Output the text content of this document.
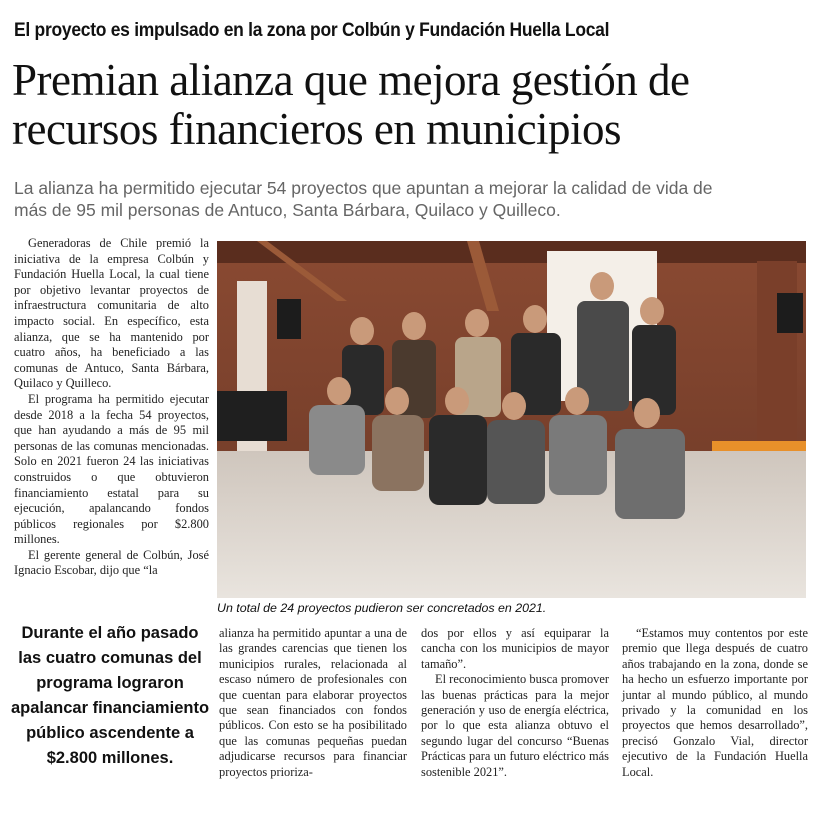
El proyecto es impulsado en la zona por Colbún y Fundación Huella Local
Premian alianza que mejora gestión de
recursos financieros en municipios
La alianza ha permitido ejecutar 54 proyectos que apuntan a mejorar la calidad de vida de
más de 95 mil personas de Antuco, Santa Bárbara, Quilaco y Quilleco.

Generadoras de Chile premió la iniciativa de la empresa Colbún y Fundación Huella Local, la cual tiene por objetivo levantar proyectos de infraestructura comunitaria de alto impacto social. En específico, esta alianza, que se ha mantenido por cuatro años, ha beneficiado a las comunas de Antuco, Santa Bárbara, Quilaco y Quilleco.

El programa ha permitido ejecutar desde 2018 a la fecha 54 proyectos, que han ayudando a más de 95 mil personas de las comunas mencionadas. Solo en 2021 fueron 24 las iniciativas construidos o que obtuvieron financiamiento estatal para su ejecución, apalancando fondos públicos regionales por $2.800 millones.

El gerente general de Colbún, José Ignacio Escobar, dijo que “la

Un total de 24 proyectos pudieron ser concretados en 2021.
Durante el año pasado las cuatro comunas del programa lograron apalancar financiamiento público ascendente a $2.800 millones.

alianza ha permitido apuntar a una de las grandes carencias que tienen los municipios rurales, relacionada al escaso número de profesionales con que cuentan para elaborar proyectos que sean financiados con fondos públicos. Con esto se ha posibilitado que las comunas pequeñas puedan adjudicarse recursos para financiar proyectos prioriza-

dos por ellos y así equiparar la cancha con los municipios de mayor tamaño”.

El reconocimiento busca promover las buenas prácticas para la mejor generación y uso de energía eléctrica, por lo que esta alianza obtuvo el segundo lugar del concurso “Buenas Prácticas para un futuro eléctrico más sostenible 2021”.

“Estamos muy contentos por este premio que llega después de cuatro años trabajando en la zona, donde se ha hecho un esfuerzo importante por juntar al mundo público, al mundo privado y la comunidad en los proyectos que hemos desarrollado”, precisó Gonzalo Vial, director ejecutivo de la Fundación Huella Local.
